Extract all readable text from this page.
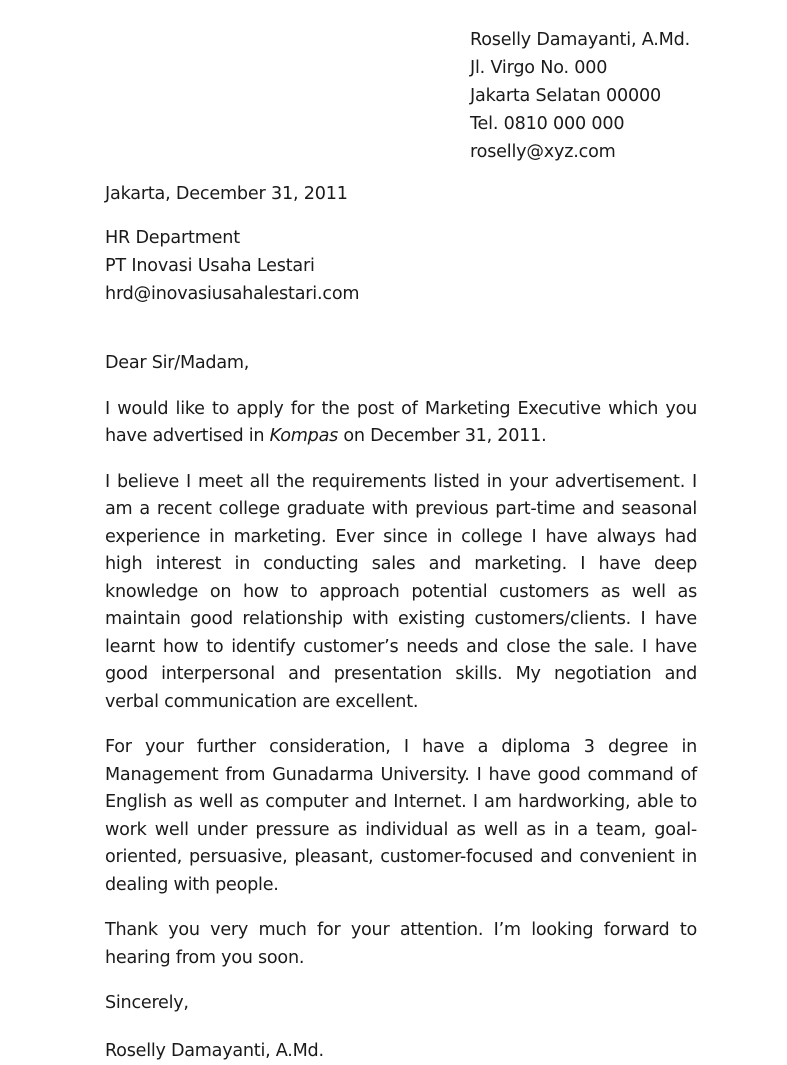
Roselly Damayanti, A.Md.
Jl. Virgo No. 000
Jakarta Selatan 00000
Tel. 0810 000 000
roselly@xyz.com
Jakarta, December 31, 2011
HR Department
PT Inovasi Usaha Lestari
hrd@inovasiusahalestari.com
Dear Sir/Madam,

I would like to apply for the post of Marketing Executive which you have advertised in Kompas on December 31, 2011.

I believe I meet all the requirements listed in your advertisement. I am a recent college graduate with previous part-time and seasonal experience in marketing. Ever since in college I have always had high interest in conducting sales and marketing. I have deep knowledge on how to approach potential customers as well as maintain good relationship with existing customers/clients. I have learnt how to identify customer’s needs and close the sale. I have good interpersonal and presentation skills. My negotiation and verbal communication are excellent.

For your further consideration, I have a diploma 3 degree in Management from Gunadarma University. I have good command of English as well as computer and Internet. I am hardworking, able to work well under pressure as individual as well as in a team, goal-oriented, persuasive, pleasant, customer-focused and convenient in dealing with people.

Thank you very much for your attention. I’m looking forward to hearing from you soon.

Sincerely,
Roselly Damayanti, A.Md.
